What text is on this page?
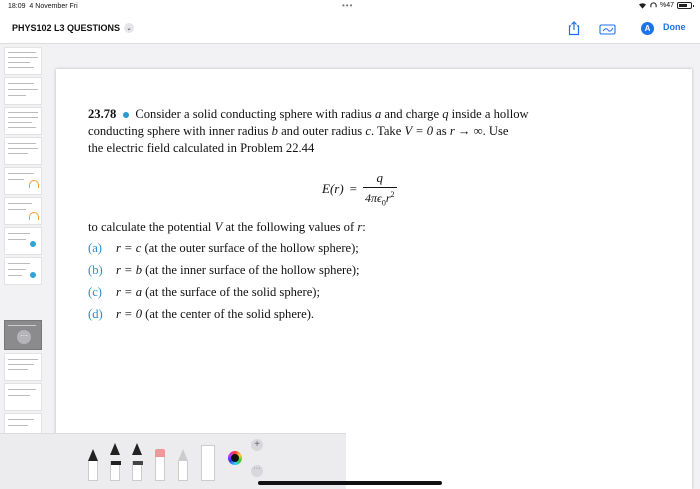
18:09 4 November Fri	•••	%47
PHYS102 L3 QUESTIONS	⌄	A	Done
···
23.78 Consider a solid conducting sphere with radius a and charge q inside a hollow
conducting sphere with inner radius b and outer radius c. Take V = 0 as r → ∞. Use
the electric field calculated in Problem 22.44
$E(r) = \frac{q}{4\pi\epsilon_0r^2}$
to calculate the potential V at the following values of r:
(a) r = c (at the outer surface of the hollow sphere);
(b) r = b (at the inner surface of the hollow sphere);
(c) r = a (at the surface of the solid sphere);
(d) r = 0 (at the center of the solid sphere).
+
···
